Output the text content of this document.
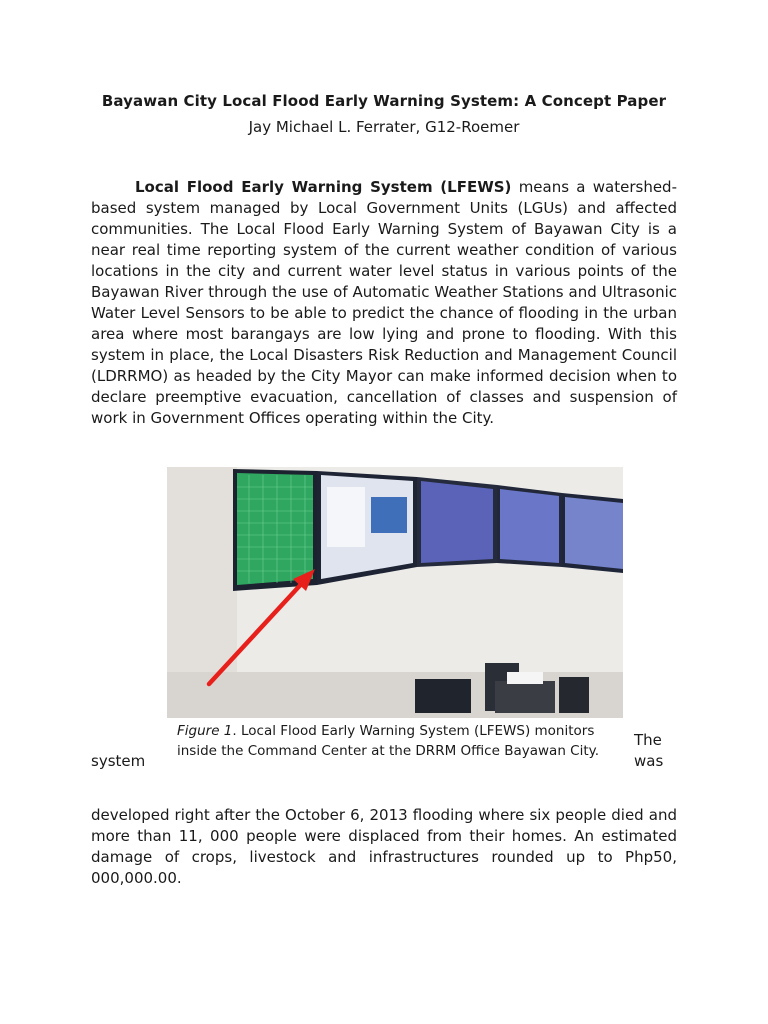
Bayawan City Local Flood Early Warning System: A Concept Paper
Jay Michael L. Ferrater, G12-Roemer

Local Flood Early Warning System (LFEWS) means a watershed-based system managed by Local Government Units (LGUs) and affected communities. The Local Flood Early Warning System of Bayawan City is a near real time reporting system of the current weather condition of various locations in the city and current water level status in various points of the Bayawan River through the use of Automatic Weather Stations and Ultrasonic Water Level Sensors to be able to predict the chance of flooding in the urban area where most barangays are low lying and prone to flooding. With this system in place, the Local Disasters Risk Reduction and Management Council (LDRRMO) as headed by the City Mayor can make informed decision when to declare preemptive evacuation, cancellation of classes and suspension of work in Government Offices operating within the City.

Figure 1. Local Flood Early Warning System (LFEWS) monitors inside the Command Center at the DRRM Office Bayawan City.
system
The
was

developed right after the October 6, 2013 flooding where six people died and more than 11, 000 people were displaced from their homes. An estimated damage of crops, livestock and infrastructures rounded up to Php50, 000,000.00.
